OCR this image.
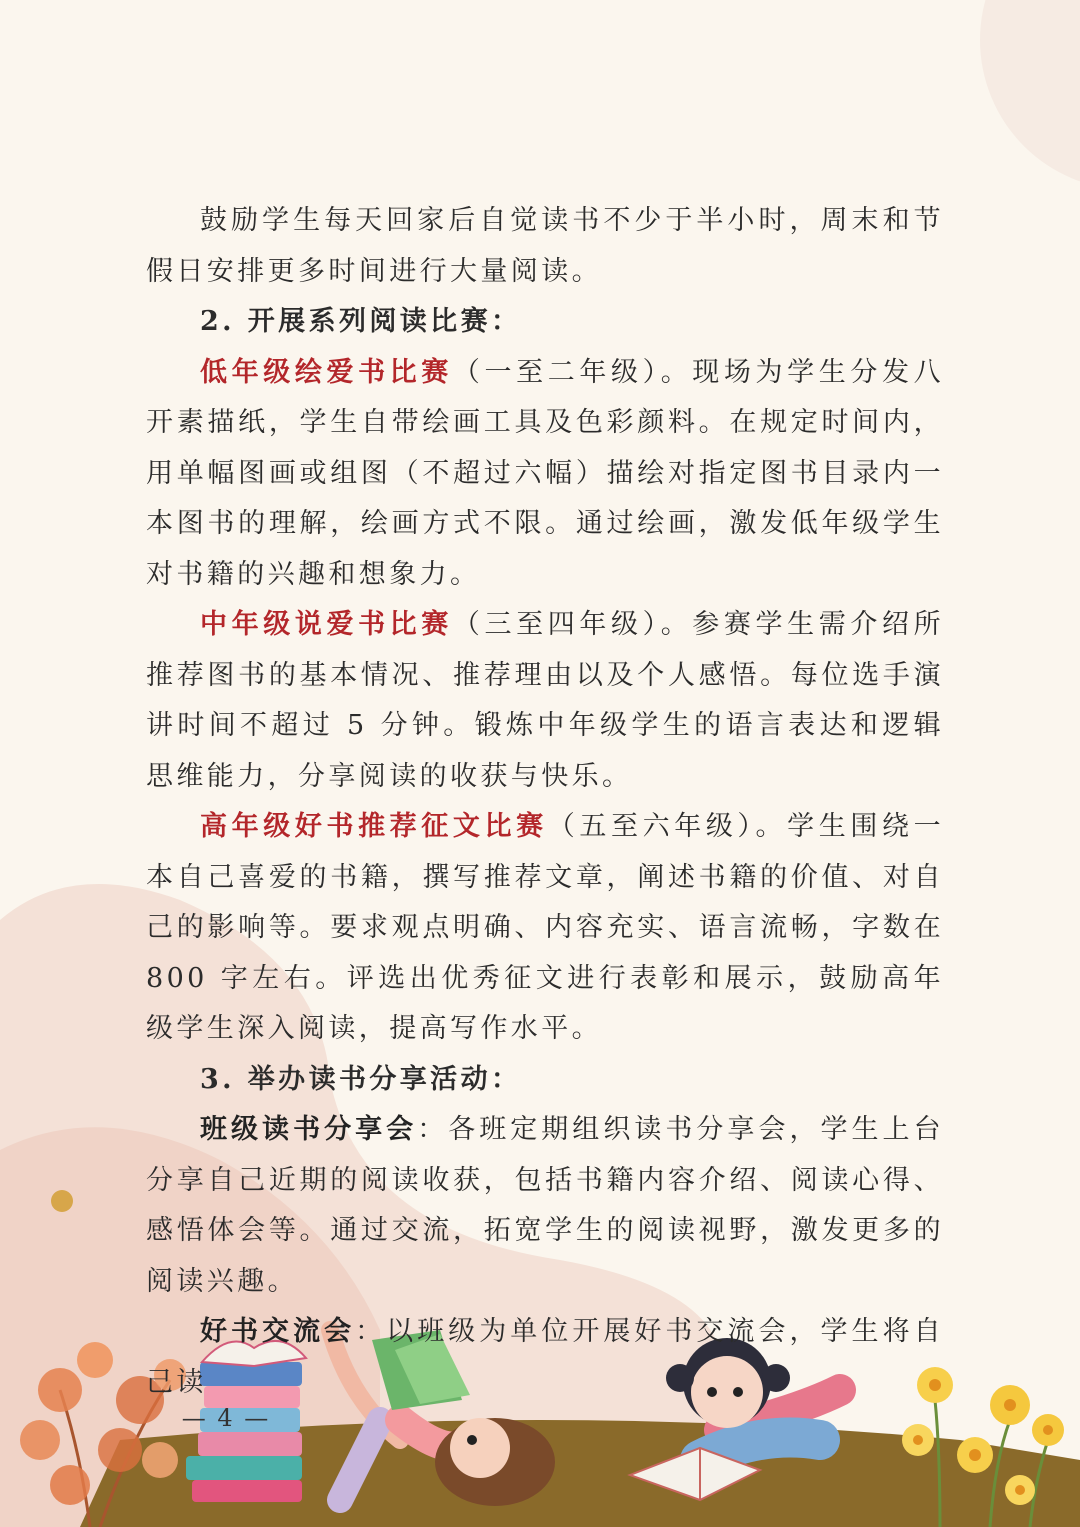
鼓励学生每天回家后自觉读书不少于半小时，周末和节假日安排更多时间进行大量阅读。

2. 开展系列阅读比赛：

低年级绘爱书比赛（一至二年级）。现场为学生分发八开素描纸，学生自带绘画工具及色彩颜料。在规定时间内，用单幅图画或组图（不超过六幅）描绘对指定图书目录内一本图书的理解，绘画方式不限。通过绘画，激发低年级学生对书籍的兴趣和想象力。

中年级说爱书比赛（三至四年级）。参赛学生需介绍所推荐图书的基本情况、推荐理由以及个人感悟。每位选手演讲时间不超过 5 分钟。锻炼中年级学生的语言表达和逻辑思维能力，分享阅读的收获与快乐。

高年级好书推荐征文比赛（五至六年级）。学生围绕一本自己喜爱的书籍，撰写推荐文章，阐述书籍的价值、对自己的影响等。要求观点明确、内容充实、语言流畅，字数在 800 字左右。评选出优秀征文进行表彰和展示，鼓励高年级学生深入阅读，提高写作水平。

3. 举办读书分享活动：

班级读书分享会：各班定期组织读书分享会，学生上台分享自己近期的阅读收获，包括书籍内容介绍、阅读心得、感悟体会等。通过交流，拓宽学生的阅读视野，激发更多的阅读兴趣。

好书交流会：以班级为单位开展好书交流会，学生将自己读

— 4 —
